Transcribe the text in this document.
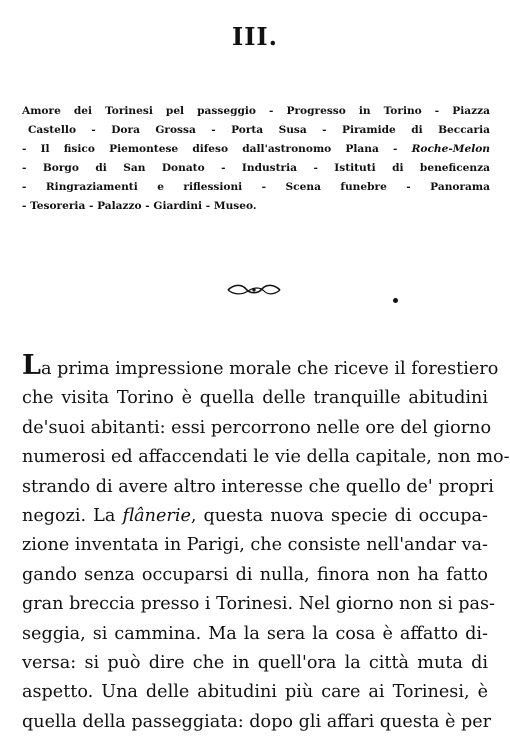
III.
Amore dei Torinesi pel passeggio - Progresso in Torino - Piazza
Castello - Dora Grossa - Porta Susa - Piramide di Beccaria
- Il fisico Piemontese difeso dall'astronomo Plana - Roche-Melon
- Borgo di San Donato - Industria - Istituti di beneficenza
- Ringraziamenti e riflessioni - Scena funebre - Panorama
- Tesoreria - Palazzo - Giardini - Museo.
La prima impressione morale che riceve il forestiero
che visita Torino è quella delle tranquille abitudini
de'suoi abitanti: essi percorrono nelle ore del giorno
numerosi ed affaccendati le vie della capitale, non mo-
strando di avere altro interesse che quello de' propri
negozi. La flânerie, questa nuova specie di occupa-
zione inventata in Parigi, che consiste nell'andar va-
gando senza occuparsi di nulla, finora non ha fatto
gran breccia presso i Torinesi. Nel giorno non si pas-
seggia, si cammina. Ma la sera la cosa è affatto di-
versa: si può dire che in quell'ora la città muta di
aspetto. Una delle abitudini più care ai Torinesi, è
quella della passeggiata: dopo gli affari questa è per
